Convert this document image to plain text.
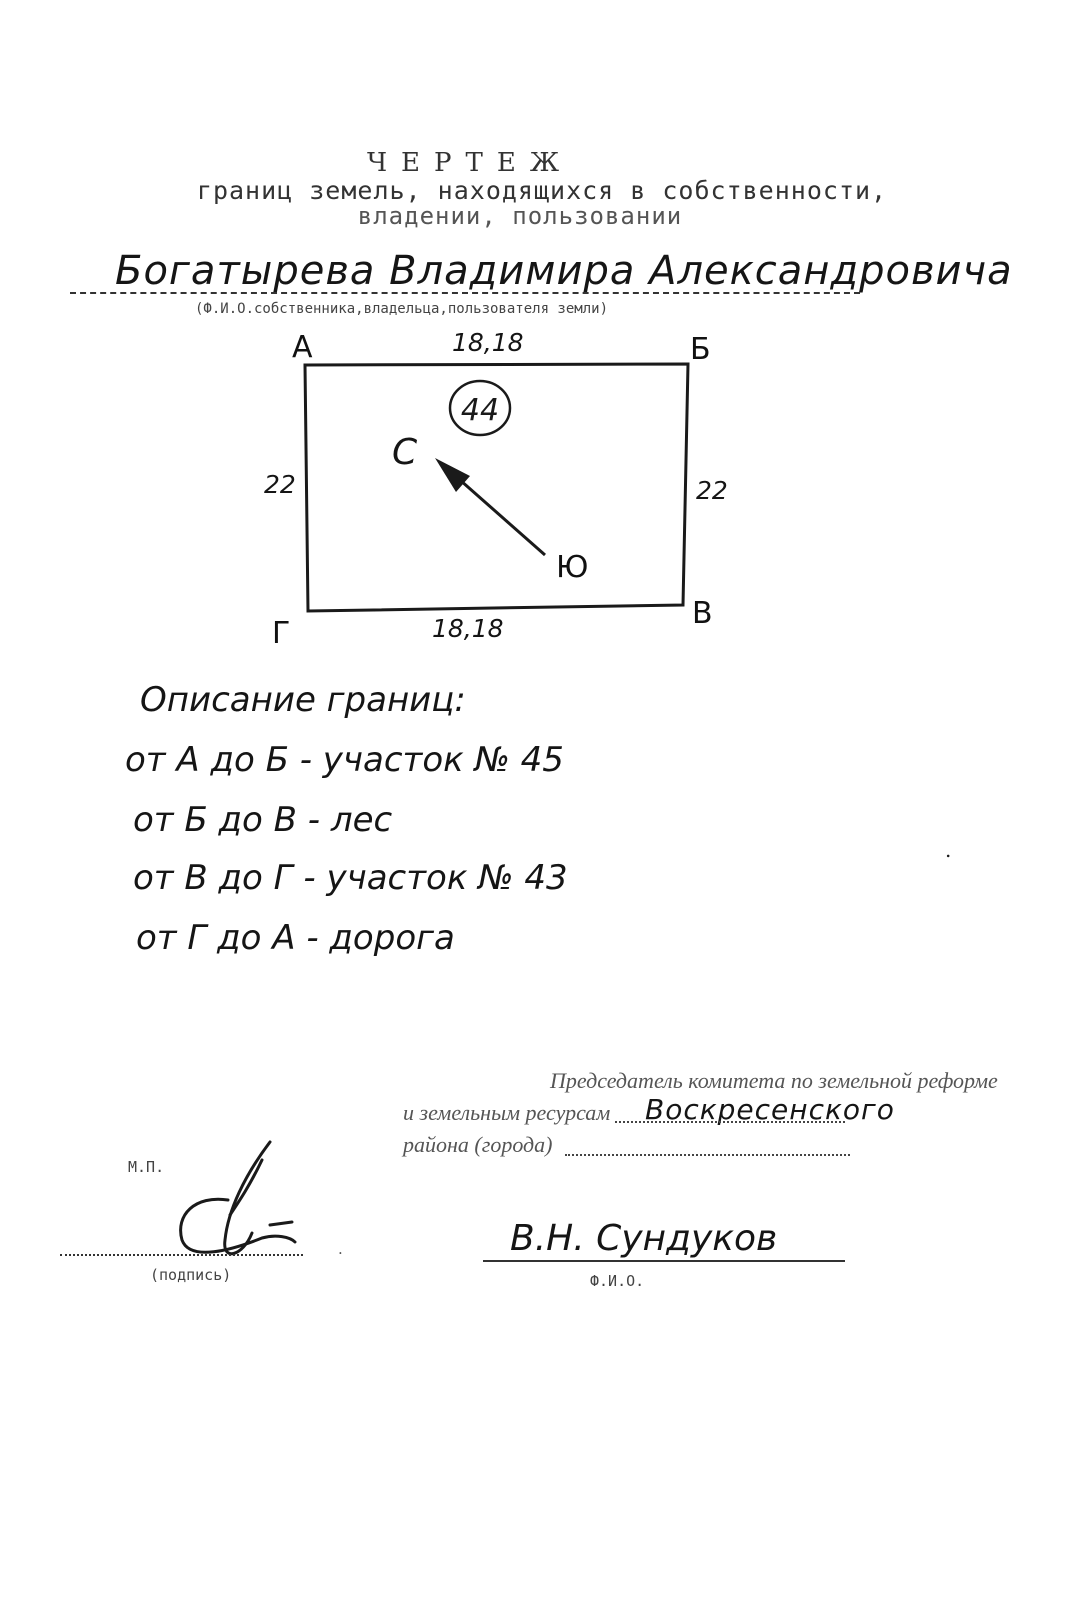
ЧЕРТЕЖ
границ земель, находящихся в собственности,
владении, пользовании
Богатырева Владимира Александровича
(Ф.И.О.собственника,владельца,пользователя земли)
44
А	Б
В
Г
18,18
18,18
22	22
С
Ю
Описание границ:
от А до Б - участок № 45
от Б до В - лес
от В до Г - участок № 43
от Г до А - дорога
.
Председатель комитета по земельной реформе
и земельным ресурсам Воскресенского
района (города)
М.П.
(подпись)
.	В.Н. Сундуков
Ф.И.О.
